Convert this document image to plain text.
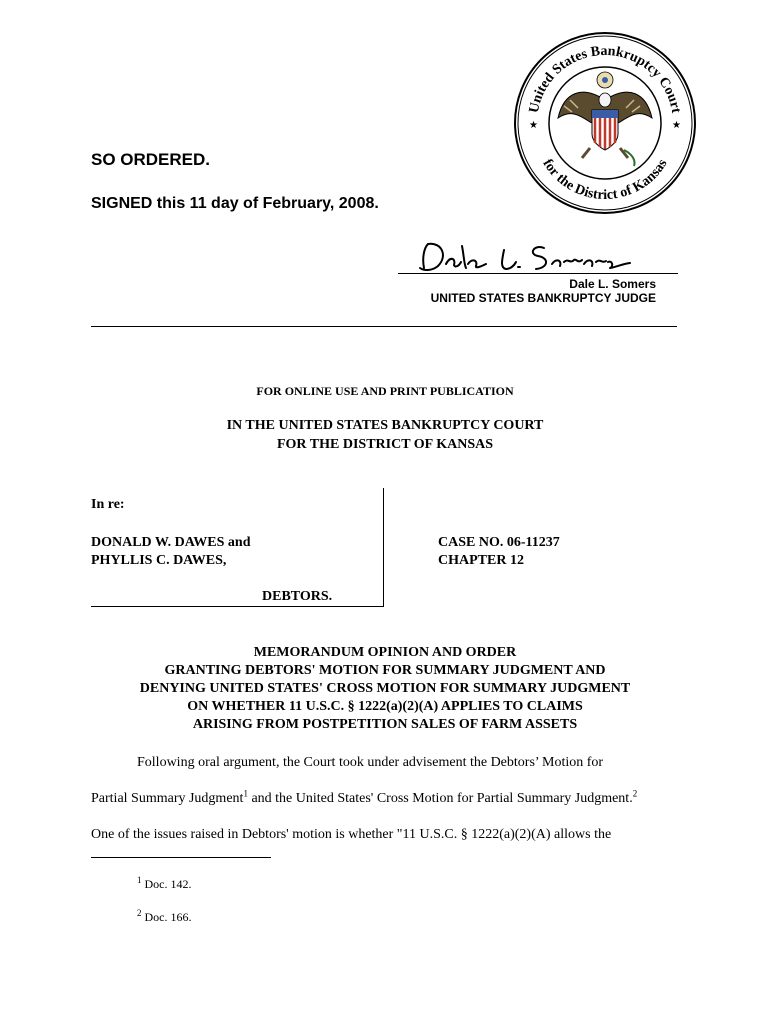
SO ORDERED.
SIGNED this 11 day of February, 2008.
United States Bankruptcy Court
for the District of Kansas
★	★
Dale L. Somers
UNITED STATES BANKRUPTCY JUDGE
FOR ONLINE USE AND PRINT PUBLICATION
IN THE UNITED STATES BANKRUPTCY COURT
FOR THE DISTRICT OF KANSAS
In re:
DONALD W. DAWES and
PHYLLIS C. DAWES,
DEBTORS.
CASE NO. 06-11237
CHAPTER 12
MEMORANDUM OPINION AND ORDER
GRANTING DEBTORS' MOTION FOR SUMMARY JUDGMENT AND
DENYING UNITED STATES' CROSS MOTION FOR SUMMARY JUDGMENT
ON WHETHER 11 U.S.C. § 1222(a)(2)(A) APPLIES TO CLAIMS
ARISING FROM POSTPETITION SALES OF FARM ASSETS
Following oral argument, the Court took under advisement the Debtors’ Motion for
Partial Summary Judgment$^1$ and the United States' Cross Motion for Partial Summary Judgment.$^2$
One of the issues raised in Debtors' motion is whether "11 U.S.C. § 1222(a)(2)(A) allows the
$^1$ Doc. 142.
$^2$ Doc. 166.
